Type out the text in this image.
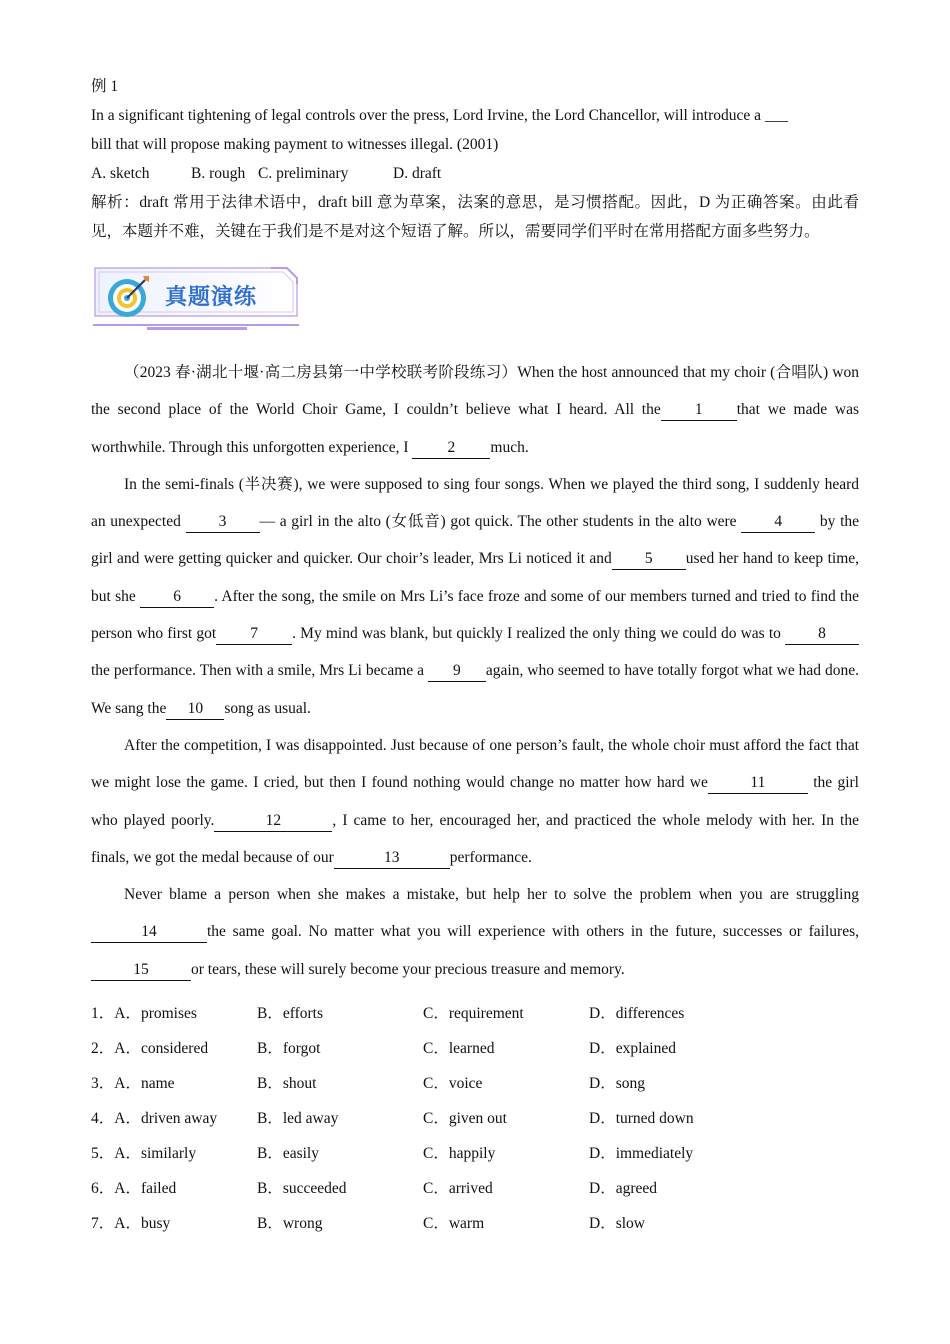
例 1

In a significant tightening of legal controls over the press, Lord Irvine, the Lord Chancellor, will introduce a ___

bill that will propose making payment to witnesses illegal. (2001)

A. sketch	B. rough C. preliminary	D. draft

解析：draft 常用于法律术语中，draft bill 意为草案，法案的意思，是习惯搭配。因此，D 为正确答案。由此看见，本题并不难，关键在于我们是不是对这个短语了解。所以，需要同学们平时在常用搭配方面多些努力。

真题演练

（2023 春·湖北十堰·高二房县第一中学校联考阶段练习）When the host announced that my choir (合唱队) won the second place of the World Choir Game, I couldn’t believe what I heard. All the 1 that we made was worthwhile. Through this unforgotten experience, I 2 much.

In the semi-finals (半决赛), we were supposed to sing four songs. When we played the third song, I suddenly heard an unexpected 3 — a girl in the alto (女低音) got quick. The other students in the alto were 4 by the girl and were getting quicker and quicker. Our choir’s leader, Mrs Li noticed it and 5 used her hand to keep time, but she 6 . After the song, the smile on Mrs Li’s face froze and some of our members turned and tried to find the person who first got 7 . My mind was blank, but quickly I realized the only thing we could do was to 8the performance. Then with a smile, Mrs Li became a 9 again, who seemed to have totally forgot what we had done. We sang the 10 song as usual.

After the competition, I was disappointed. Just because of one person’s fault, the whole choir must afford the fact that we might lose the game. I cried, but then I found nothing would change no matter how hard we	11	the girl who played poorly.	12	, I came to her, encouraged her, and practiced the whole melody with her. In the finals, we got the medal because of our	13	performance.

Never blame a person when she makes a mistake, but help her to solve the problem when you are struggling14	the same goal. No matter what you will experience with others in the future, successes or failures,15	or tears, these will surely become your precious treasure and memory.

1．A．promises	B．efforts	C．requirement	D．differences
2．A．considered	B．forgot	C．learned	D．explained
3．A．name	B．shout	C．voice	D．song
4．A．driven away	B．led away	C．given out	D．turned down
5．A．similarly	B．easily	C．happily	D．immediately
6．A．failed	B．succeeded	C．arrived	D．agreed
7．A．busy	B．wrong	C．warm	D．slow
